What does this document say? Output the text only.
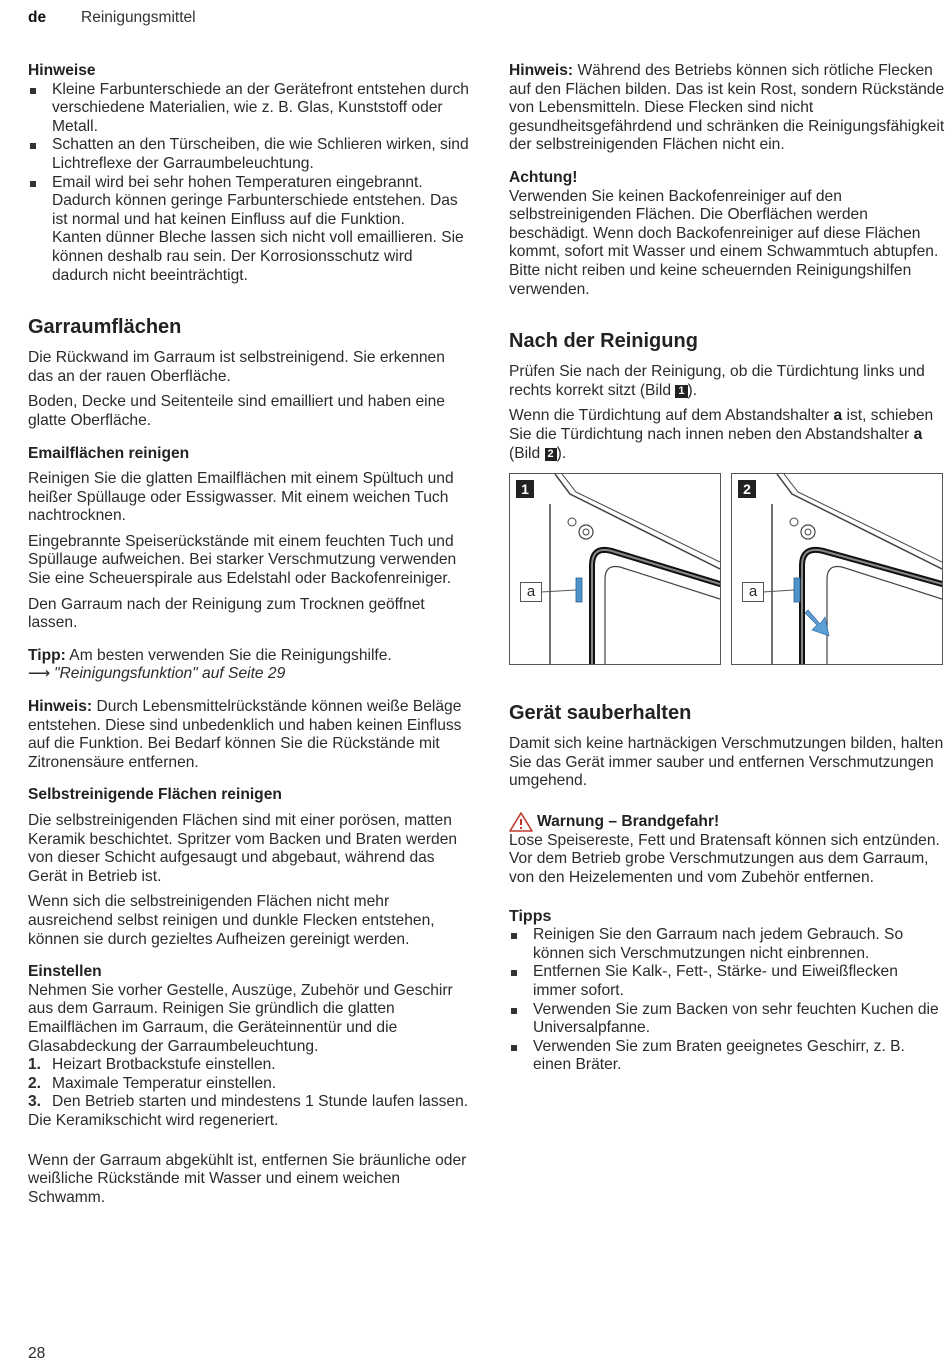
de Reinigungsmittel
Hinweise
Kleine Farbunterschiede an der Gerätefront entstehen durch verschiedene Materialien, wie z. B. Glas, Kunststoff oder Metall.
Schatten an den Türscheiben, die wie Schlieren wirken, sind Lichtreflexe der Garraumbeleuchtung.
Email wird bei sehr hohen Temperaturen eingebrannt. Dadurch können geringe Farbunterschiede entstehen. Das ist normal und hat keinen Einfluss auf die Funktion.

Kanten dünner Bleche lassen sich nicht voll emaillieren. Sie können deshalb rau sein. Der Korrosionsschutz wird dadurch nicht beeinträchtigt.

Garraumflächen

Die Rückwand im Garraum ist selbstreinigend. Sie erkennen das an der rauen Oberfläche.

Boden, Decke und Seitenteile sind emailliert und haben eine glatte Oberfläche.

Emailflächen reinigen

Reinigen Sie die glatten Emailflächen mit einem Spültuch und heißer Spüllauge oder Essigwasser. Mit einem weichen Tuch nachtrocknen.

Eingebrannte Speiserückstände mit einem feuchten Tuch und Spüllauge aufweichen. Bei starker Verschmutzung verwenden Sie eine Scheuerspirale aus Edelstahl oder Backofenreiniger.

Den Garraum nach der Reinigung zum Trocknen geöffnet lassen.

Tipp: Am besten verwenden Sie die Reinigungshilfe.
⟶ "Reinigungsfunktion" auf Seite 29

Hinweis: Durch Lebensmittelrückstände können weiße Beläge entstehen. Diese sind unbedenklich und haben keinen Einfluss auf die Funktion. Bei Bedarf können Sie die Rückstände mit Zitronensäure entfernen.

Selbstreinigende Flächen reinigen

Die selbstreinigenden Flächen sind mit einer porösen, matten Keramik beschichtet. Spritzer vom Backen und Braten werden von dieser Schicht aufgesaugt und abgebaut, während das Gerät in Betrieb ist.

Wenn sich die selbstreinigenden Flächen nicht mehr ausreichend selbst reinigen und dunkle Flecken entstehen, können sie durch gezieltes Aufheizen gereinigt werden.

Einstellen

Nehmen Sie vorher Gestelle, Auszüge, Zubehör und Geschirr aus dem Garraum. Reinigen Sie gründlich die glatten Emailflächen im Garraum, die Geräteinnentür und die Glasabdeckung der Garraumbeleuchtung.

1. Heizart Brotbackstufe einstellen.
2. Maximale Temperatur einstellen.
3. Den Betrieb starten und mindestens 1 Stunde laufen lassen.

Die Keramikschicht wird regeneriert.

Wenn der Garraum abgekühlt ist, entfernen Sie bräunliche oder weißliche Rückstände mit Wasser und einem weichen Schwamm.

Hinweis: Während des Betriebs können sich rötliche Flecken auf den Flächen bilden. Das ist kein Rost, sondern Rückstände von Lebensmitteln. Diese Flecken sind nicht gesundheitsgefährdend und schränken die Reinigungsfähigkeit der selbstreinigenden Flächen nicht ein.

Achtung!

Verwenden Sie keinen Backofenreiniger auf den selbstreinigenden Flächen. Die Oberflächen werden beschädigt. Wenn doch Backofenreiniger auf diese Flächen kommt, sofort mit Wasser und einem Schwammtuch abtupfen. Bitte nicht reiben und keine scheuernden Reinigungshilfen verwenden.

Nach der Reinigung

Prüfen Sie nach der Reinigung, ob die Türdichtung links und rechts korrekt sitzt (Bild 1 ).

Wenn die Türdichtung auf dem Abstandshalter a ist, schieben Sie die Türdichtung nach innen neben den Abstandshalter a (Bild 2 ).

1
a
2
a
Gerät sauberhalten

Damit sich keine hartnäckigen Verschmutzungen bilden, halten Sie das Gerät immer sauber und entfernen Verschmutzungen umgehend.

Warnung – Brandgefahr!

Lose Speisereste, Fett und Bratensaft können sich entzünden. Vor dem Betrieb grobe Verschmutzungen aus dem Garraum, von den Heizelementen und vom Zubehör entfernen.

Tipps
Reinigen Sie den Garraum nach jedem Gebrauch. So können sich Verschmutzungen nicht einbrennen.
Entfernen Sie Kalk-, Fett-, Stärke- und Eiweißflecken immer sofort.
Verwenden Sie zum Backen von sehr feuchten Kuchen die Universalpfanne.
Verwenden Sie zum Braten geeignetes Geschirr, z. B. einen Bräter.
28
